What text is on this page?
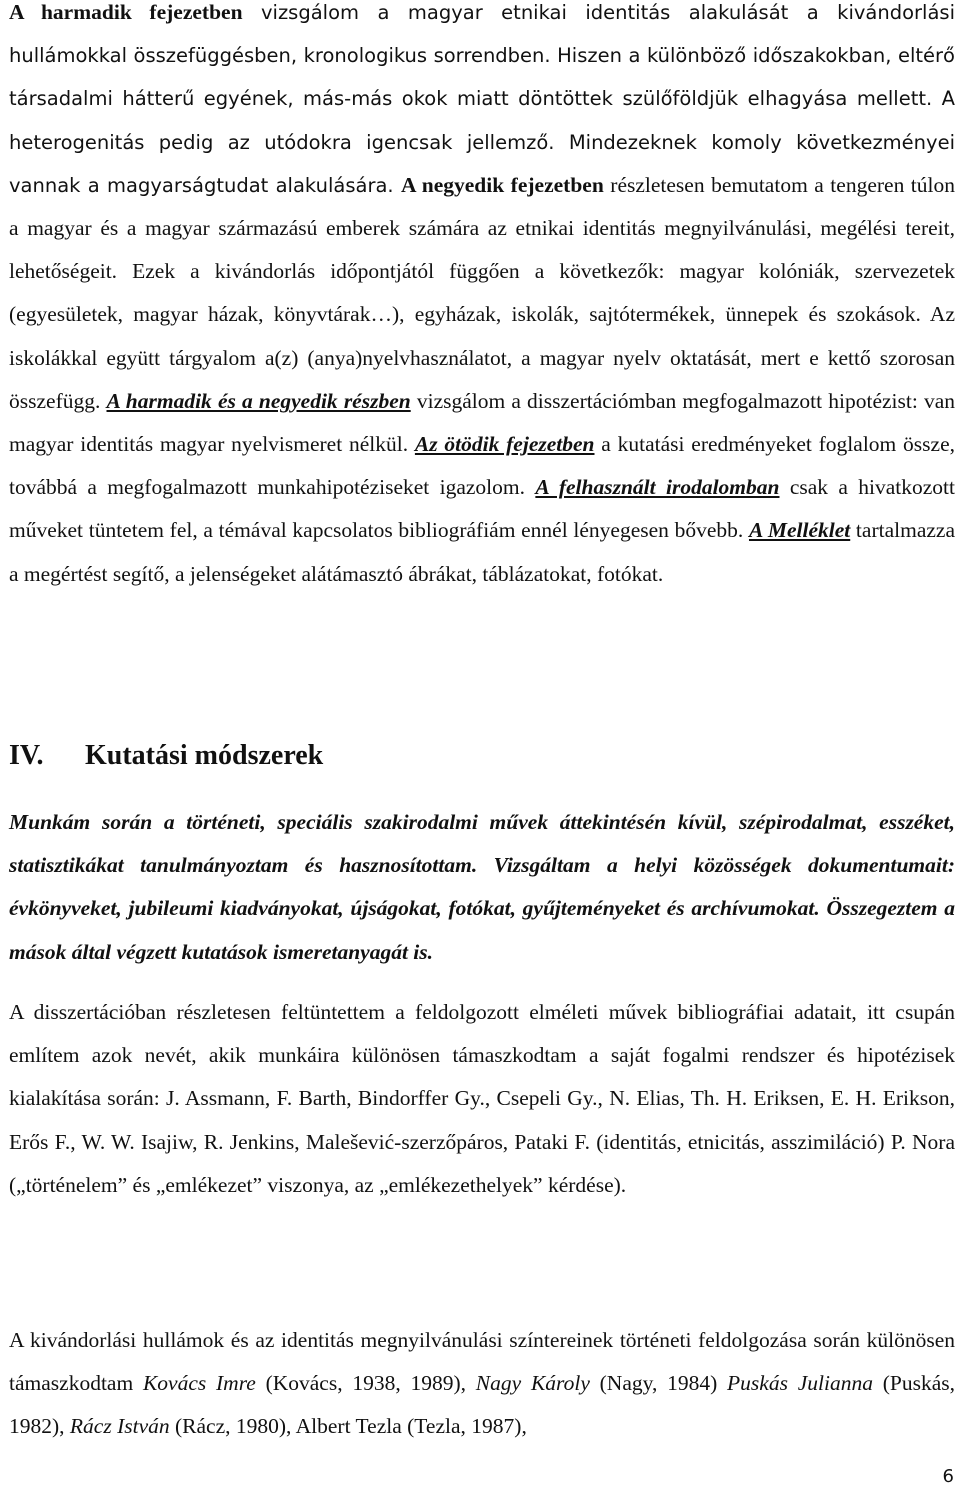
A harmadik fejezetben vizsgálom a magyar etnikai identitás alakulását a kivándorlási hullámokkal összefüggésben, kronologikus sorrendben. Hiszen a különböző időszakokban, eltérő társadalmi hátterű egyének, más-más okok miatt döntöttek szülőföldjük elhagyása mellett. A heterogenitás pedig az utódokra igencsak jellemző. Mindezeknek komoly következményei vannak a magyarságtudat alakulására. A negyedik fejezetben részletesen bemutatom a tengeren túlon a magyar és a magyar származású emberek számára az etnikai identitás megnyilvánulási, megélési tereit, lehetőségeit. Ezek a kivándorlás időpontjától függően a következők: magyar kolóniák, szervezetek (egyesületek, magyar házak, könyvtárak…), egyházak, iskolák, sajtótermékek, ünnepek és szokások. Az iskolákkal együtt tárgyalom a(z) (anya)nyelvhasználatot, a magyar nyelv oktatását, mert e kettő szorosan összefügg. A harmadik és a negyedik részben vizsgálom a disszertációmban megfogalmazott hipotézist: van magyar identitás magyar nyelvismeret nélkül. Az ötödik fejezetben a kutatási eredményeket foglalom össze, továbbá a megfogalmazott munkahipotéziseket igazolom. A felhasznált irodalomban csak a hivatkozott műveket tüntetem fel, a témával kapcsolatos bibliográfiám ennél lényegesen bővebb. A Melléklet tartalmazza a megértést segítő, a jelenségeket alátámasztó ábrákat, táblázatokat, fotókat.

IV. Kutatási módszerek

Munkám során a történeti, speciális szakirodalmi művek áttekintésén kívül, szépirodalmat, esszéket, statisztikákat tanulmányoztam és hasznosítottam. Vizsgáltam a helyi közösségek dokumentumait: évkönyveket, jubileumi kiadványokat, újságokat, fotókat, gyűjteményeket és archívumokat. Összegeztem a mások által végzett kutatások ismeretanyagát is.

A disszertációban részletesen feltüntettem a feldolgozott elméleti művek bibliográfiai adatait, itt csupán említem azok nevét, akik munkáira különösen támaszkodtam a saját fogalmi rendszer és hipotézisek kialakítása során: J. Assmann, F. Barth, Bindorffer Gy., Csepeli Gy., N. Elias, Th. H. Eriksen, E. H. Erikson, Erős F., W. W. Isajiw, R. Jenkins, Malešević-szerzőpáros, Pataki F. (identitás, etnicitás, asszimiláció) P. Nora („történelem” és „emlékezet” viszonya, az „emlékezethelyek” kérdése).

A kivándorlási hullámok és az identitás megnyilvánulási színtereinek történeti feldolgozása során különösen támaszkodtam Kovács Imre (Kovács, 1938, 1989), Nagy Károly (Nagy, 1984) Puskás Julianna (Puskás, 1982), Rácz István (Rácz, 1980), Albert Tezla (Tezla, 1987),

6
